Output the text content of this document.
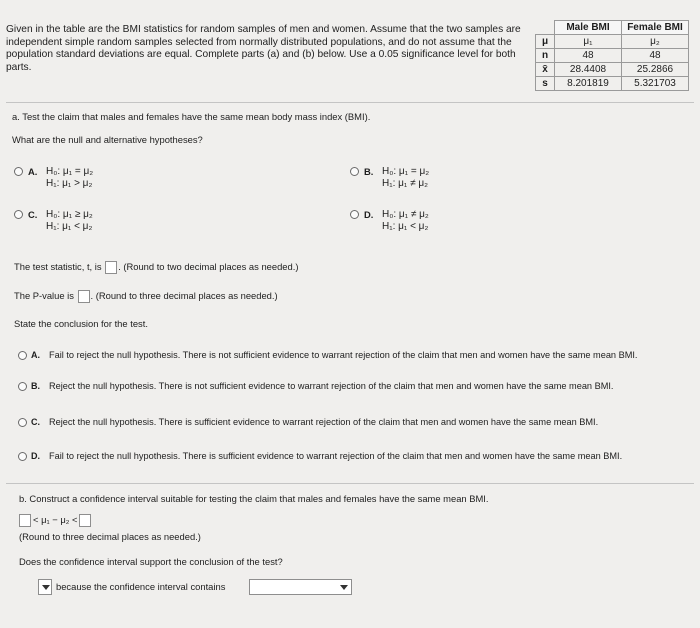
Given in the table are the BMI statistics for random samples of men and women. Assume that the two samples are independent simple random samples selected from normally distributed populations, and do not assume that the population standard deviations are equal. Complete parts (a) and (b) below. Use a 0.05 significance level for both parts.
	Male BMI	Female BMI
μ	μ₁	μ₂
n	48	48
x̄	28.4408	25.2866
s	8.201819	5.321703
a. Test the claim that males and females have the same mean body mass index (BMI).
What are the null and alternative hypotheses?
A. H₀: μ₁ = μ₂
H₁: μ₁ > μ₂
B. H₀: μ₁ = μ₂
H₁: μ₁ ≠ μ₂
C. H₀: μ₁ ≥ μ₂
H₁: μ₁ < μ₂
D. H₀: μ₁ ≠ μ₂
H₁: μ₁ < μ₂
The test statistic, t, is . (Round to two decimal places as needed.)
The P-value is . (Round to three decimal places as needed.)
State the conclusion for the test.
A. Fail to reject the null hypothesis. There is not sufficient evidence to warrant rejection of the claim that men and women have the same mean BMI.
B. Reject the null hypothesis. There is not sufficient evidence to warrant rejection of the claim that men and women have the same mean BMI.
C. Reject the null hypothesis. There is sufficient evidence to warrant rejection of the claim that men and women have the same mean BMI.
D. Fail to reject the null hypothesis. There is sufficient evidence to warrant rejection of the claim that men and women have the same mean BMI.
b. Construct a confidence interval suitable for testing the claim that males and females have the same mean BMI.
< μ₁ − μ₂ <
(Round to three decimal places as needed.)
Does the confidence interval support the conclusion of the test?
because the confidence interval contains
